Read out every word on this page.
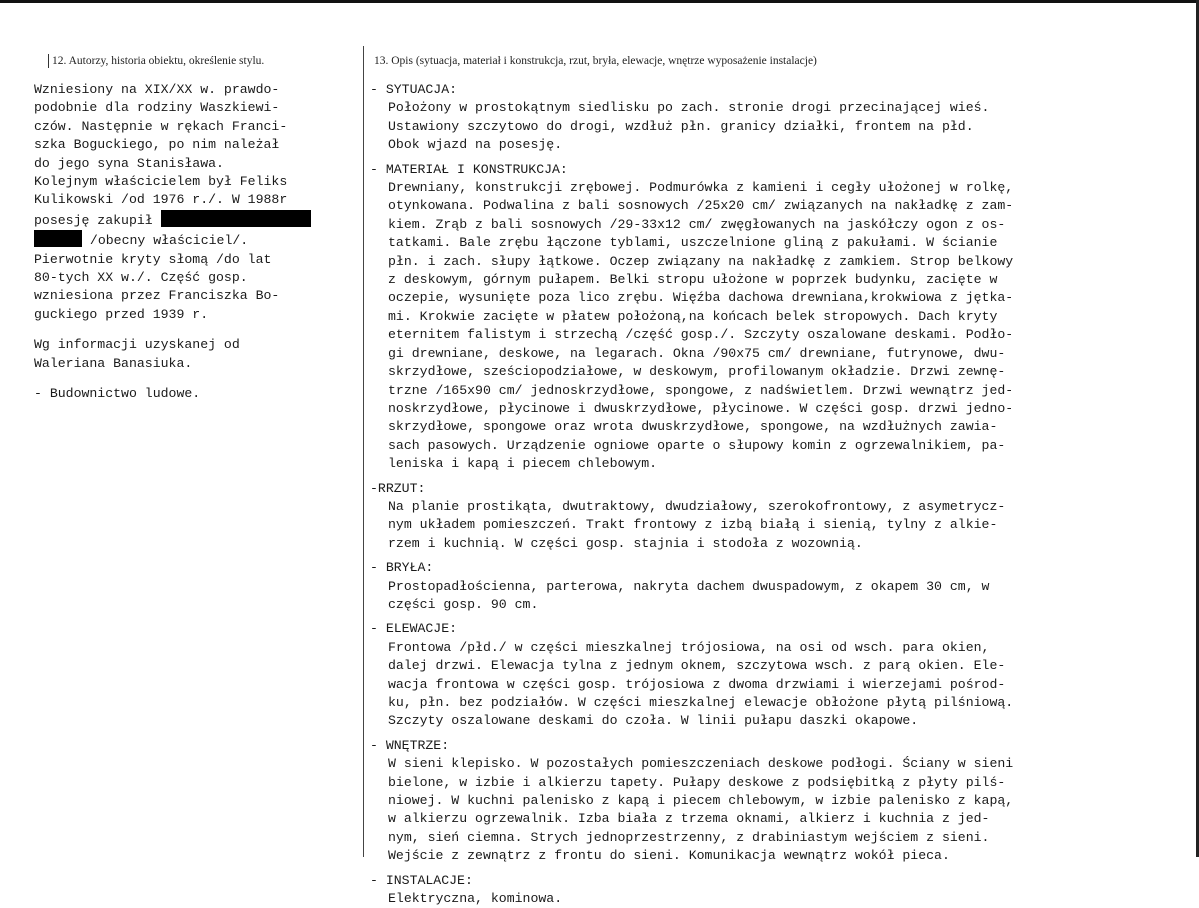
12. Autorzy, historia obiektu, określenie stylu.	13. Opis (sytuacja, materiał i konstrukcja, rzut, bryła, elewacje, wnętrze wyposażenie instalacje)

Wzniesiony na XIX/XX w. prawdo-

podobnie dla rodziny Waszkiewi-

czów. Następnie w rękach Franci-

szka Boguckiego, po nim należał

do jego syna Stanisława.

Kolejnym właścicielem był Feliks

Kulikowski /od 1976 r./. W 1988r

posesję zakupił

/obecny właściciel/.

Pierwotnie kryty słomą /do lat

80-tych XX w./. Część gosp.

wzniesiona przez Franciszka Bo-

guckiego przed 1939 r.

Wg informacji uzyskanej od

Waleriana Banasiuka.

- Budownictwo ludowe.

- SYTUACJA:

Położony w prostokątnym siedlisku po zach. stronie drogi przecinającej wieś.

Ustawiony szczytowo do drogi, wzdłuż płn. granicy działki, frontem na płd.

Obok wjazd na posesję.

- MATERIAŁ I KONSTRUKCJA:

Drewniany, konstrukcji zrębowej. Podmurówka z kamieni i cegły ułożonej w rolkę,

otynkowana. Podwalina z bali sosnowych /25x20 cm/ związanych na nakładkę z zam-

kiem. Zrąb z bali sosnowych /29-33x12 cm/ zwęgłowanych na jaskółczy ogon z os-

tatkami. Bale zrębu łączone tyblami, uszczelnione gliną z pakułami. W ścianie

płn. i zach. słupy łątkowe. Oczep związany na nakładkę z zamkiem. Strop belkowy

z deskowym, górnym pułapem. Belki stropu ułożone w poprzek budynku, zacięte w

oczepie, wysunięte poza lico zrębu. Więźba dachowa drewniana,krokwiowa z jętka-

mi. Krokwie zacięte w płatew położoną,na końcach belek stropowych. Dach kryty

eternitem falistym i strzechą /część gosp./. Szczyty oszalowane deskami. Podło-

gi drewniane, deskowe, na legarach. Okna /90x75 cm/ drewniane, futrynowe, dwu-

skrzydłowe, sześciopodziałowe, w deskowym, profilowanym okładzie. Drzwi zewnę-

trzne /165x90 cm/ jednoskrzydłowe, spongowe, z nadświetlem. Drzwi wewnątrz jed-

noskrzydłowe, płycinowe i dwuskrzydłowe, płycinowe. W części gosp. drzwi jedno-

skrzydłowe, spongowe oraz wrota dwuskrzydłowe, spongowe, na wzdłużnych zawia-

sach pasowych. Urządzenie ogniowe oparte o słupowy komin z ogrzewalnikiem, pa-

leniska i kapą i piecem chlebowym.

-RRZUT:

Na planie prostikąta, dwutraktowy, dwudziałowy, szerokofrontowy, z asymetrycz-

nym układem pomieszczeń. Trakt frontowy z izbą białą i sienią, tylny z alkie-

rzem i kuchnią. W części gosp. stajnia i stodoła z wozownią.

- BRYŁA:

Prostopadłościenna, parterowa, nakryta dachem dwuspadowym, z okapem 30 cm, w

części gosp. 90 cm.

- ELEWACJE:

Frontowa /płd./ w części mieszkalnej trójosiowa, na osi od wsch. para okien,

dalej drzwi. Elewacja tylna z jednym oknem, szczytowa wsch. z parą okien. Ele-

wacja frontowa w części gosp. trójosiowa z dwoma drzwiami i wierzejami pośrod-

ku, płn. bez podziałów. W części mieszkalnej elewacje obłożone płytą pilśniową.

Szczyty oszalowane deskami do czoła. W linii pułapu daszki okapowe.

- WNĘTRZE:

W sieni klepisko. W pozostałych pomieszczeniach deskowe podłogi. Ściany w sieni

bielone, w izbie i alkierzu tapety. Pułapy deskowe z podsiębitką z płyty pilś-

niowej. W kuchni palenisko z kapą i piecem chlebowym, w izbie palenisko z kapą,

w alkierzu ogrzewalnik. Izba biała z trzema oknami, alkierz i kuchnia z jed-

nym, sień ciemna. Strych jednoprzestrzenny, z drabiniastym wejściem z sieni.

Wejście z zewnątrz z frontu do sieni. Komunikacja wewnątrz wokół pieca.

- INSTALACJE:

Elektryczna, kominowa.
